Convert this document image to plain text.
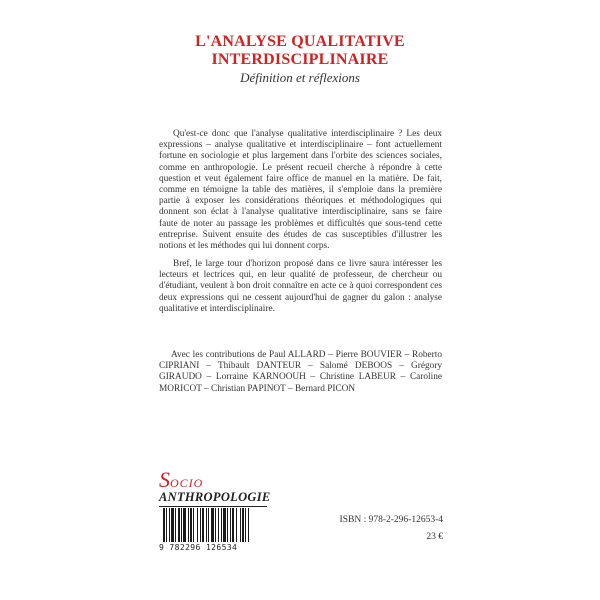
L'ANALYSE QUALITATIVE
INTERDISCIPLINAIRE
Définition et réflexions
Qu'est-ce donc que l'analyse qualitative interdisciplinaire ? Les deux expressions – analyse qualitative et interdisciplinaire – font actuellement fortune en sociologie et plus largement dans l'orbite des sciences sociales, comme en anthropologie. Le présent recueil cherche à répondre à cette question et veut également faire office de manuel en la matière. De fait, comme en témoigne la table des matières, il s'emploie dans la première partie à exposer les considérations théoriques et méthodologiques qui donnent son éclat à l'analyse qualitative interdisciplinaire, sans se faire faute de noter au passage les problèmes et difficultés que sous-tend cette entreprise. Suivent ensuite des études de cas susceptibles d'illustrer les notions et les méthodes qui lui donnent corps.
Bref, le large tour d'horizon proposé dans ce livre saura intéresser les lecteurs et lectrices qui, en leur qualité de professeur, de chercheur ou d'étudiant, veulent à bon droit connaître en acte ce à quoi correspondent ces deux expressions qui ne cessent aujourd'hui de gagner du galon : analyse qualitative et interdisciplinaire.
Avec les contributions de Paul ALLARD – Pierre BOUVIER – Roberto CIPRIANI – Thibault DANTEUR – Salomé DEBOOS – Grégory GIRAUDO – Lorraine KARNOOUH – Christine LABEUR – Caroline MORICOT – Christian PAPINOT – Bernard PICON
SOCIO
ANTHROPOLOGIE
9 782296 126534
ISBN : 978-2-296-12653-4
23 €
